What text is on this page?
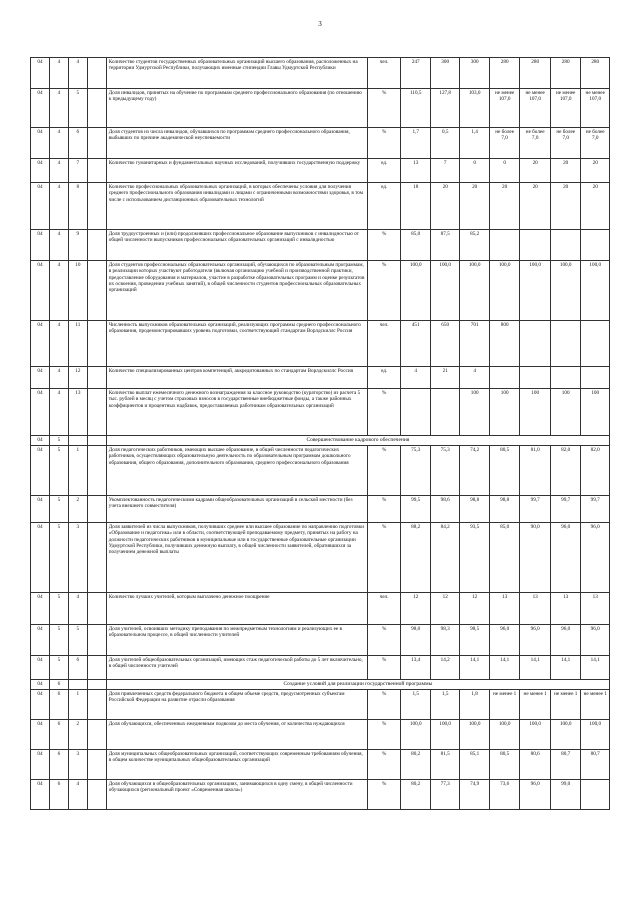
3
04	4	4		Количество студентов государственных образовательных организаций высшего образования, расположенных на территории Удмуртской Республики, получающих именные стипендии Главы Удмуртской Республики	чел.	247	300	300	280	280	280	280
04	4	5		Доля инвалидов, принятых на обучение по программам среднего профессионального образования (по отношению к предыдущему году)	%	110,5	127,8	103,0	не менее 107,0	не менее 107,0	не менее 107,0	не менее 107,0
04	4	6		Доля студентов из числа инвалидов, обучавшихся по программам среднего профессионального образования, выбывших по причине академической неуспеваемости	%	1,7	0,5	1,4	не более 7,0	не более 7,0	не более 7,0	не более 7,0
04	4	7		Количество гуманитарных и фундаментальных научных исследований, получивших государственную поддержку	ед.	13	7	0	0	20	20	20
04	4	8		Количество профессиональных образовательных организаций, в которых обеспечены условия для получения среднего профессионального образования инвалидами и лицами с ограниченными возможностями здоровья, в том числе с использованием дистанционных образовательных технологий	ед.	18	20	20	20	20	20	20
04	4	9		Доля трудоустроенных и (или) продолживших профессиональное образование выпускников с инвалидностью от общей численности выпускников профессиональных образовательных организаций с инвалидностью	%	85,0	87,5	85,2				
04	4	10		Доля студентов профессиональных образовательных организаций, обучающихся по образовательным программам, в реализации которых участвуют работодатели (включая организацию учебной и производственной практики, предоставление оборудования и материалов, участие в разработке образовательных программ и оценке результатов их освоения, проведении учебных занятий), в общей численности студентов профессиональных образовательных организаций	%	100,0	100,0	100,0	100,0	100,0	100,0	100,0
04	4	11		Численность выпускников образовательных организаций, реализующих программы среднего профессионального образования, продемонстрировавших уровень подготовки, соответствующий стандартам Ворлдскиллс Россия	чел.	451	650	701	800			
04	4	12		Количество специализированных центров компетенций, аккредитованных по стандартам Ворлдскиллс Россия	ед.	4	21	4				
04	4	13		Количество выплат ежемесячного денежного вознаграждения за классное руководство (кураторство) из расчета 5 тыс. рублей в месяц с учетом страховых взносов в государственные внебюджетные фонды, а также районных коэффициентов и процентных надбавок, предоставляемых работникам образовательных организаций	%			100	100	100	100	100
04	5			Совершенствование кадрового обеспечения								
04	5	1		Доля педагогических работников, имеющих высшее образование, в общей численности педагогических работников, осуществляющих образовательную деятельность по образовательным программам дошкольного образования, общего образования, дополнительного образования, среднего профессионального образования	%	75,3	75,3	74,2	80,5	81,0	82,0	82,0
04	5	2		Укомплектованность педагогическими кадрами общеобразовательных организаций в сельской местности (без учета внешнего совместителя)	%	99,5	98,6	98,8	98,8	99,7	99,7	99,7
04	5	3		Доля заявителей из числа выпускников, получивших среднее или высшее образование по направлению подготовки «Образование и педагогика» или в области, соответствующей преподаваемому предмету, принятых на работу на должности педагогических работников в муниципальные или в государственные образовательные организации Удмуртской Республики, получивших денежную выплату, в общей численности заявителей, обратившихся за получением денежной выплаты	%	88,2	84,2	93,5	85,0	90,0	96,0	96,0
04	5	4		Количество лучших учителей, которым выплачено денежное поощрение	чел.	12	12	12	13	13	13	13
04	5	5		Доля учителей, освоивших методику преподавания по межпредметным технологиям и реализующих ее в образовательном процессе, в общей численности учителей	%	98,0	98,3	98,5	96,0	96,0	96,0	96,0
04	5	6		Доля учителей общеобразовательных организаций, имеющих стаж педагогической работы до 5 лет включительно, в общей численности учителей	%	13,4	14,2	14,1	14,1	14,1	14,1	14,1
04	6			Создание условий для реализации государственной программы								
04	6	1		Доля привлеченных средств федерального бюджета в общем объеме средств, предусмотренных субъектам Российской Федерации на развитие отрасли образования	%	1,5	1,5	1,8	не менее 1	не менее 1	не менее 1	не менее 1
04	6	2		Доля обучающихся, обеспеченных ежедневным подвозом до места обучения, от количества нуждающихся	%	100,0	100,0	100,0	100,0	100,0	100,0	100,0
04	6	3		Доля муниципальных общеобразовательных организаций, соответствующих современным требованиям обучения, в общем количестве муниципальных общеобразовательных организаций	%	80,2	81,5	85,1	80,5	80,6	80,7	80,7
04	6	4		Доля обучающихся в общеобразовательных организациях, занимающихся в одну смену, в общей численности обучающихся (региональный проект «Современная школа»)	%	80,2	77,3	74,9	73,6	96,0	99,0	
